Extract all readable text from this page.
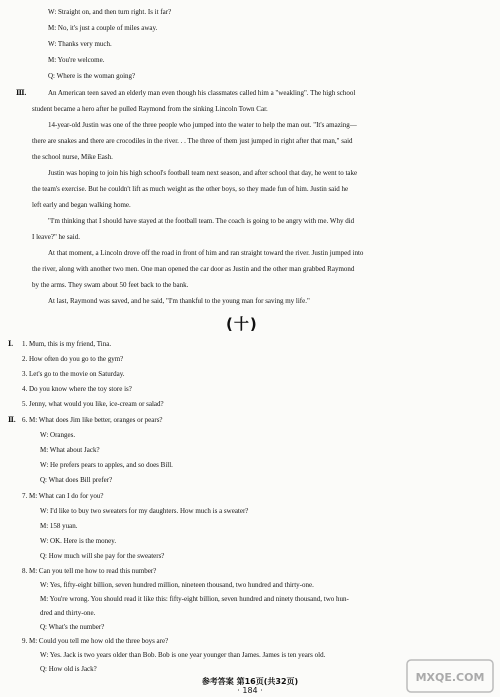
W: Straight on, and then turn right. Is it far?
M: No, it's just a couple of miles away.
W: Thanks very much.
M: You're welcome.
Q: Where is the woman going?
Ⅲ.	An American teen saved an elderly man even though his classmates called him a "weakling". The high school
student became a hero after he pulled Raymond from the sinking Lincoln Town Car.
14-year-old Justin was one of the three people who jumped into the water to help the man out. "It's amazing—
there are snakes and there are crocodiles in the river. . . The three of them just jumped in right after that man," said
the school nurse, Mike Eash.
Justin was hoping to join his high school's football team next season, and after school that day, he went to take
the team's exercise. But he couldn't lift as much weight as the other boys, so they made fun of him. Justin said he
left early and began walking home.
"I'm thinking that I should have stayed at the football team. The coach is going to be angry with me. Why did
I leave?" he said.
At that moment, a Lincoln drove off the road in front of him and ran straight toward the river. Justin jumped into
the river, along with another two men. One man opened the car door as Justin and the other man grabbed Raymond
by the arms. They swam about 50 feet back to the bank.
At last, Raymond was saved, and he said, "I'm thankful to the young man for saving my life."
(十)
Ⅰ. 1. Mum, this is my friend, Tina.
2. How often do you go to the gym?
3. Let's go to the movie on Saturday.
4. Do you know where the toy store is?
5. Jenny, what would you like, ice-cream or salad?
Ⅱ. 6. M: What does Jim like better, oranges or pears?
W: Oranges.
M: What about Jack?
W: He prefers pears to apples, and so does Bill.
Q: What does Bill prefer?
7. M: What can I do for you?
W: I'd like to buy two sweaters for my daughters. How much is a sweater?
M: 158 yuan.
W: OK. Here is the money.
Q: How much will she pay for the sweaters?
8. M: Can you tell me how to read this number?
W: Yes, fifty-eight billion, seven hundred million, nineteen thousand, two hundred and thirty-one.
M: You're wrong. You should read it like this: fifty-eight billion, seven hundred and ninety thousand, two hun-
dred and thirty-one.
Q: What's the number?
9. M: Could you tell me how old the three boys are?
W: Yes. Jack is two years older than Bob. Bob is one year younger than James. James is ten years old.
Q: How old is Jack?
参考答案 第16页(共32页)
· 184 ·
MXQE.COM
